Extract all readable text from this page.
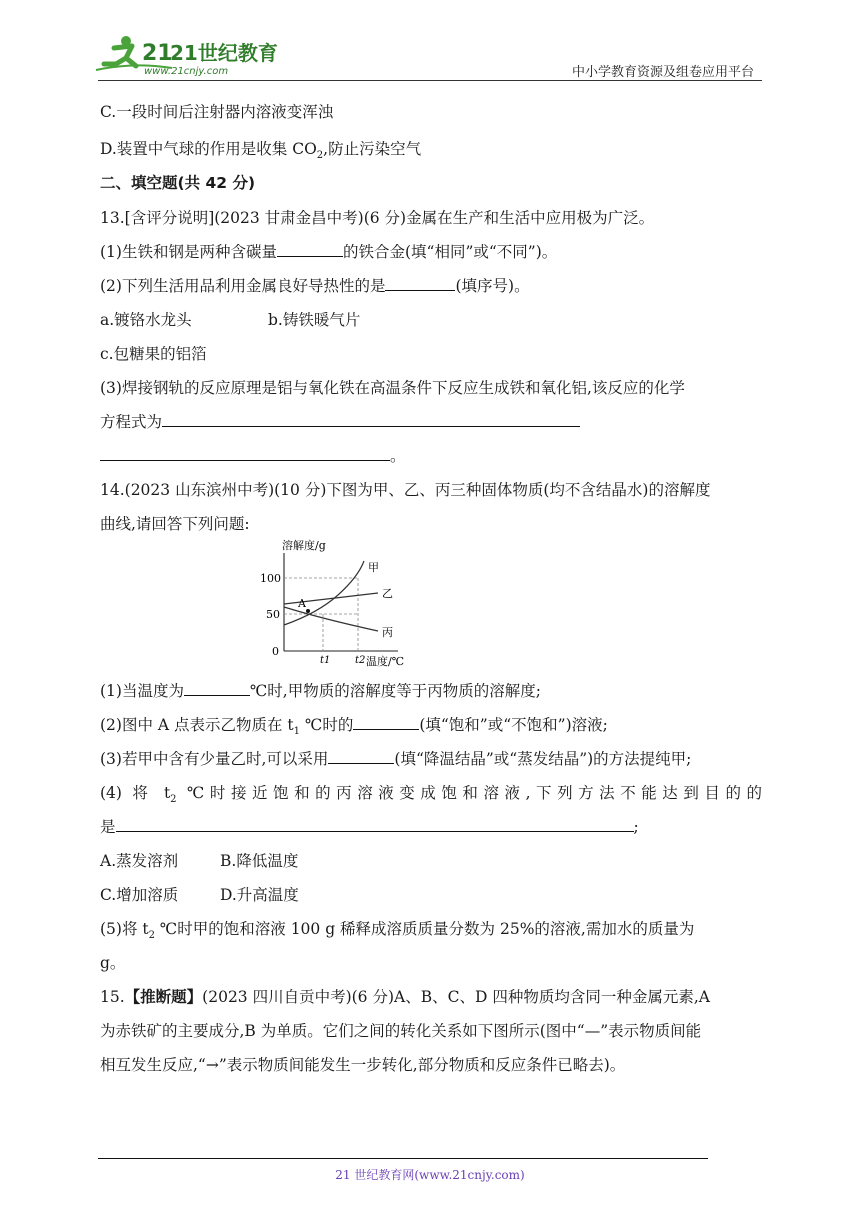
21
21世纪教育
www.21cnjy.com	中小学教育资源及组卷应用平台
C.一段时间后注射器内溶液变浑浊
D.装置中气球的作用是收集 $CO_2$,防止污染空气
二、填空题(共 42 分)
13.[含评分说明](2023 甘肃金昌中考)(6 分)金属在生产和生活中应用极为广泛。
(1)生铁和钢是两种含碳量	的铁合金(填“相同”或“不同”)。
(2)下列生活用品利用金属良好导热性的是	(填序号)。
a.镀铬水龙头	b.铸铁暖气片
c.包糖果的铝箔
(3)焊接钢轨的反应原理是铝与氧化铁在高温条件下反应生成铁和氧化铝,该反应的化学
方程式为
。
14.(2023 山东滨州中考)(10 分)下图为甲、乙、丙三种固体物质(均不含结晶水)的溶解度
曲线,请回答下列问题:
(1)当温度为	℃时,甲物质的溶解度等于丙物质的溶解度;
(2)图中 A 点表示乙物质在 $t_1$ ℃时的	(填“饱和”或“不饱和”)溶液;
(3)若甲中含有少量乙时,可以采用	(填“降温结晶”或“蒸发结晶”)的方法提纯甲;
(4) 将 $t_2$ ℃时接近饱和的丙溶液变成饱和溶液,下列方法不能达到目的的
是	;
A.蒸发溶剂	B.降低温度
C.增加溶质	D.升高温度
(5)将 $t_2$ ℃时甲的饱和溶液 100 g 稀释成溶质质量分数为 25%的溶液,需加水的质量为
g。
15.【推断题】(2023 四川自贡中考)(6 分)A、B、C、D 四种物质均含同一种金属元素,A
为赤铁矿的主要成分,B 为单质。它们之间的转化关系如下图所示(图中“—”表示物质间能
相互发生反应,“→”表示物质间能发生一步转化,部分物质和反应条件已略去)。
A
溶解度/g
100
50
0
t1 t2 温度/℃
甲
乙
丙
21 世纪教育网(www.21cnjy.com)
